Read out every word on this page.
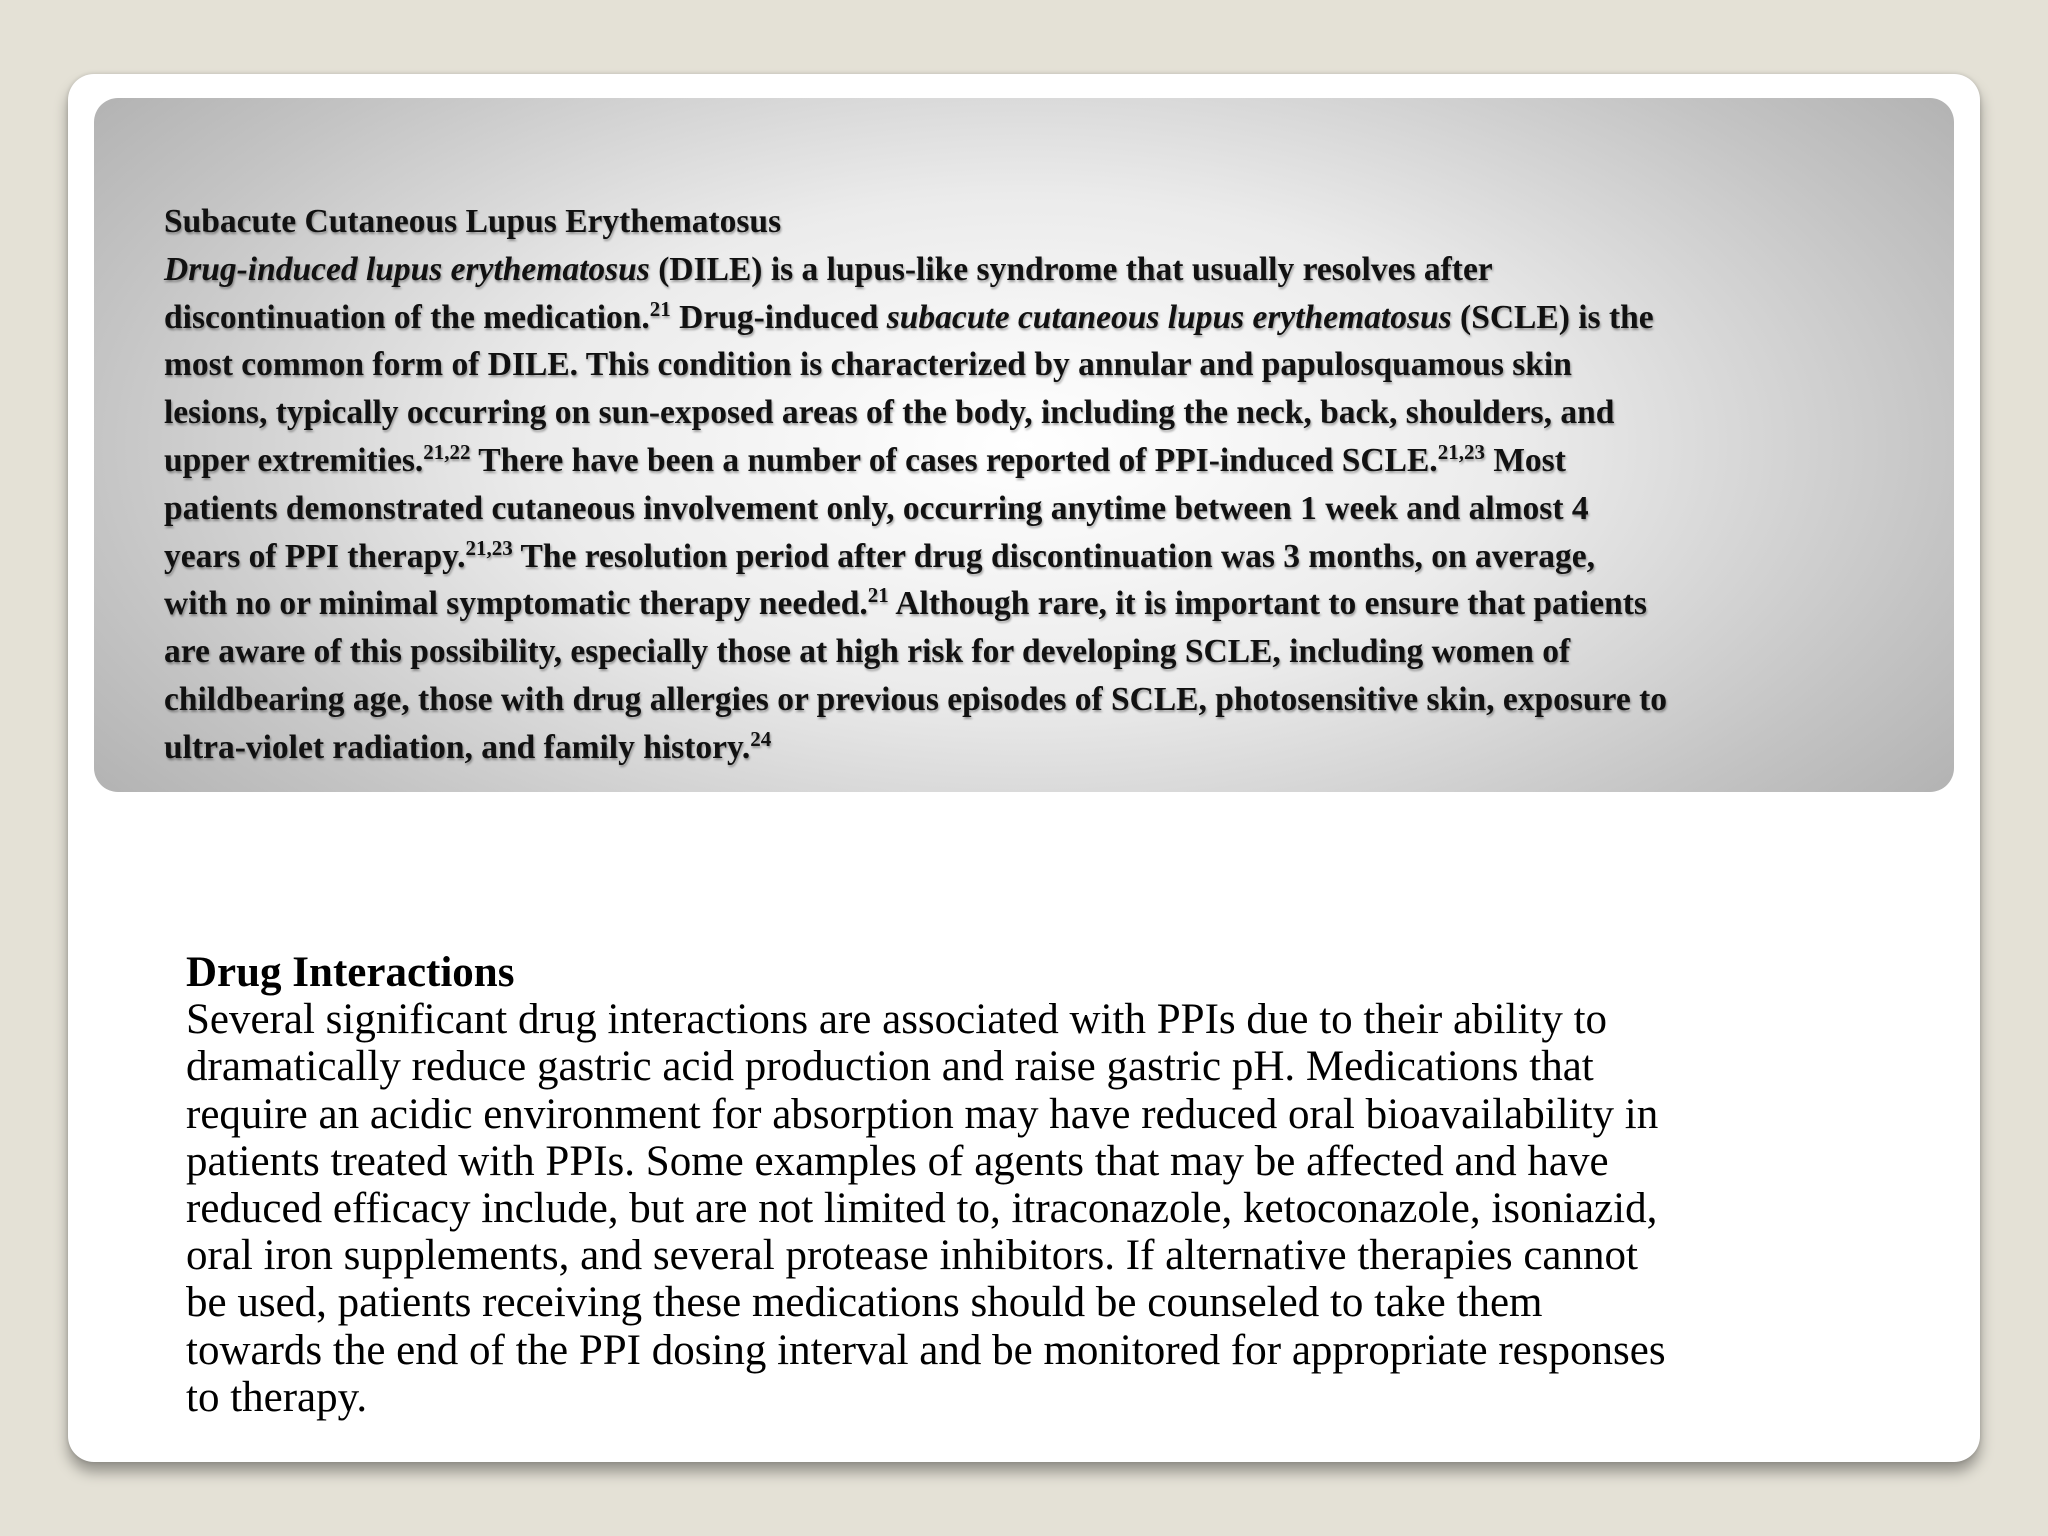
Subacute Cutaneous Lupus Erythematosus
Drug-induced lupus erythematosus (DILE) is a lupus-like syndrome that usually resolves after
discontinuation of the medication.$^{21}$ Drug-induced subacute cutaneous lupus erythematosus (SCLE) is the
most common form of DILE. This condition is characterized by annular and papulosquamous skin
lesions, typically occurring on sun-exposed areas of the body, including the neck, back, shoulders, and
upper extremities.$^{21,22}$ There have been a number of cases reported of PPI-induced SCLE.$^{21,23}$ Most
patients demonstrated cutaneous involvement only, occurring anytime between 1 week and almost 4
years of PPI therapy.$^{21,23}$ The resolution period after drug discontinuation was 3 months, on average,
with no or minimal symptomatic therapy needed.$^{21}$ Although rare, it is important to ensure that patients
are aware of this possibility, especially those at high risk for developing SCLE, including women of
childbearing age, those with drug allergies or previous episodes of SCLE, photosensitive skin, exposure to
ultra-violet radiation, and family history.$^{24}$
Drug Interactions
Several significant drug interactions are associated with PPIs due to their ability to
dramatically reduce gastric acid production and raise gastric pH. Medications that
require an acidic environment for absorption may have reduced oral bioavailability in
patients treated with PPIs. Some examples of agents that may be affected and have
reduced efficacy include, but are not limited to, itraconazole, ketoconazole, isoniazid,
oral iron supplements, and several protease inhibitors. If alternative therapies cannot
be used, patients receiving these medications should be counseled to take them
towards the end of the PPI dosing interval and be monitored for appropriate responses
to therapy.
